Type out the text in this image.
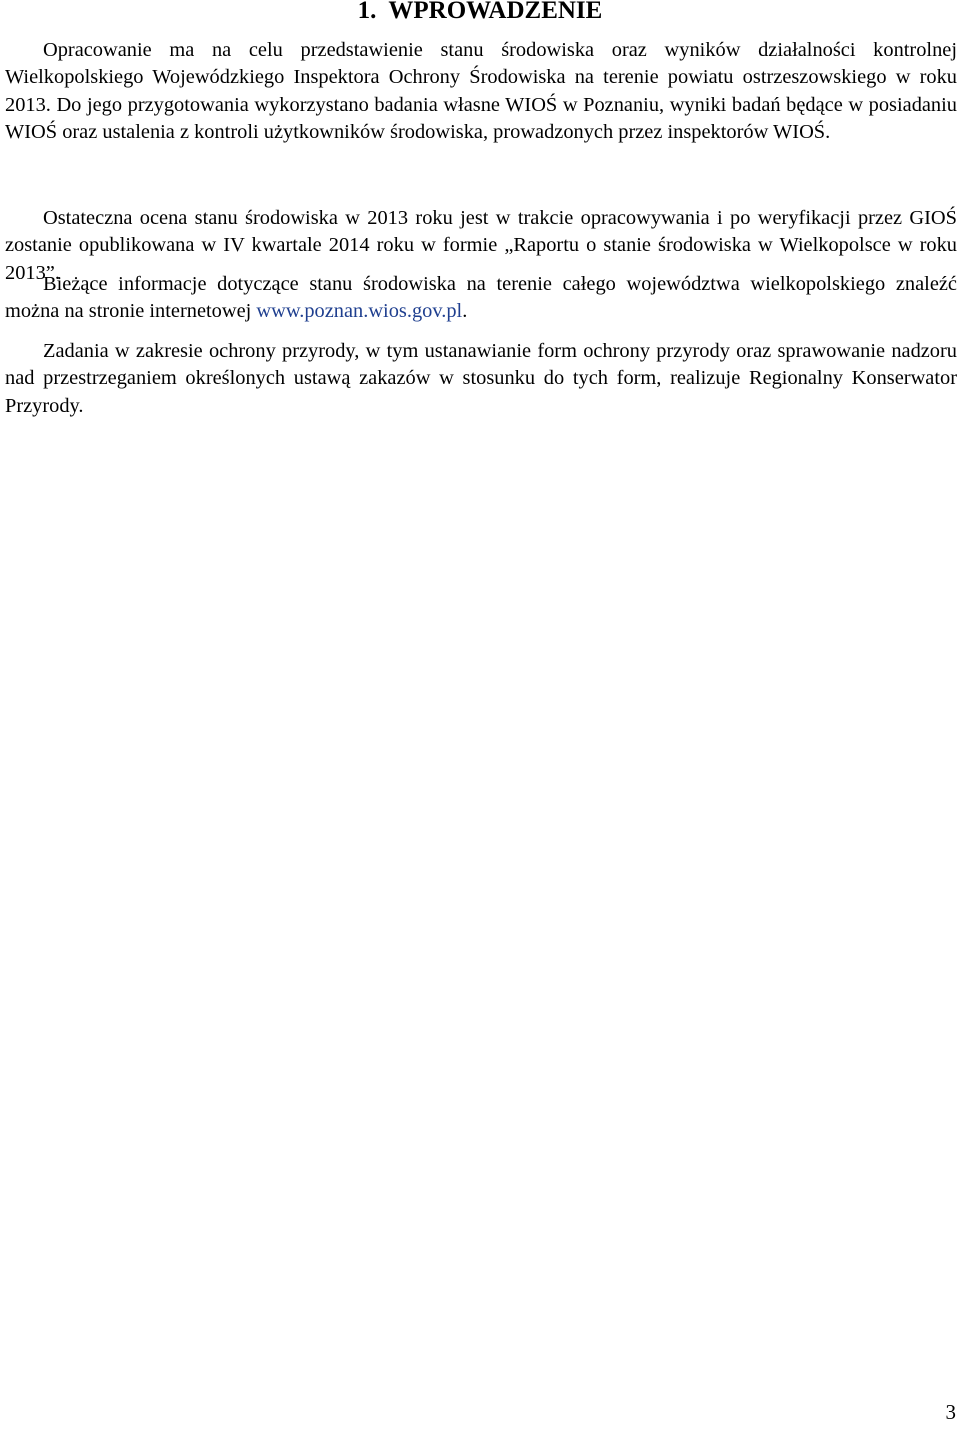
1. WPROWADZENIE

Opracowanie ma na celu przedstawienie stanu środowiska oraz wyników działalności kontrolnej Wielkopolskiego Wojewódzkiego Inspektora Ochrony Środowiska na terenie powiatu ostrzeszowskiego w roku 2013. Do jego przygotowania wykorzystano badania własne WIOŚ w Poznaniu, wyniki badań będące w posiadaniu WIOŚ oraz ustalenia z kontroli użytkowników środowiska, prowadzonych przez inspektorów WIOŚ.

Ostateczna ocena stanu środowiska w 2013 roku jest w trakcie opracowywania i po weryfikacji przez GIOŚ zostanie opublikowana w IV kwartale 2014 roku w formie „Raportu o stanie środowiska w Wielkopolsce w roku 2013”.

Bieżące informacje dotyczące stanu środowiska na terenie całego województwa wielkopolskiego znaleźć można na stronie internetowej www.poznan.wios.gov.pl.

Zadania w zakresie ochrony przyrody, w tym ustanawianie form ochrony przyrody oraz sprawowanie nadzoru nad przestrzeganiem określonych ustawą zakazów w stosunku do tych form, realizuje Regionalny Konserwator Przyrody.

3
